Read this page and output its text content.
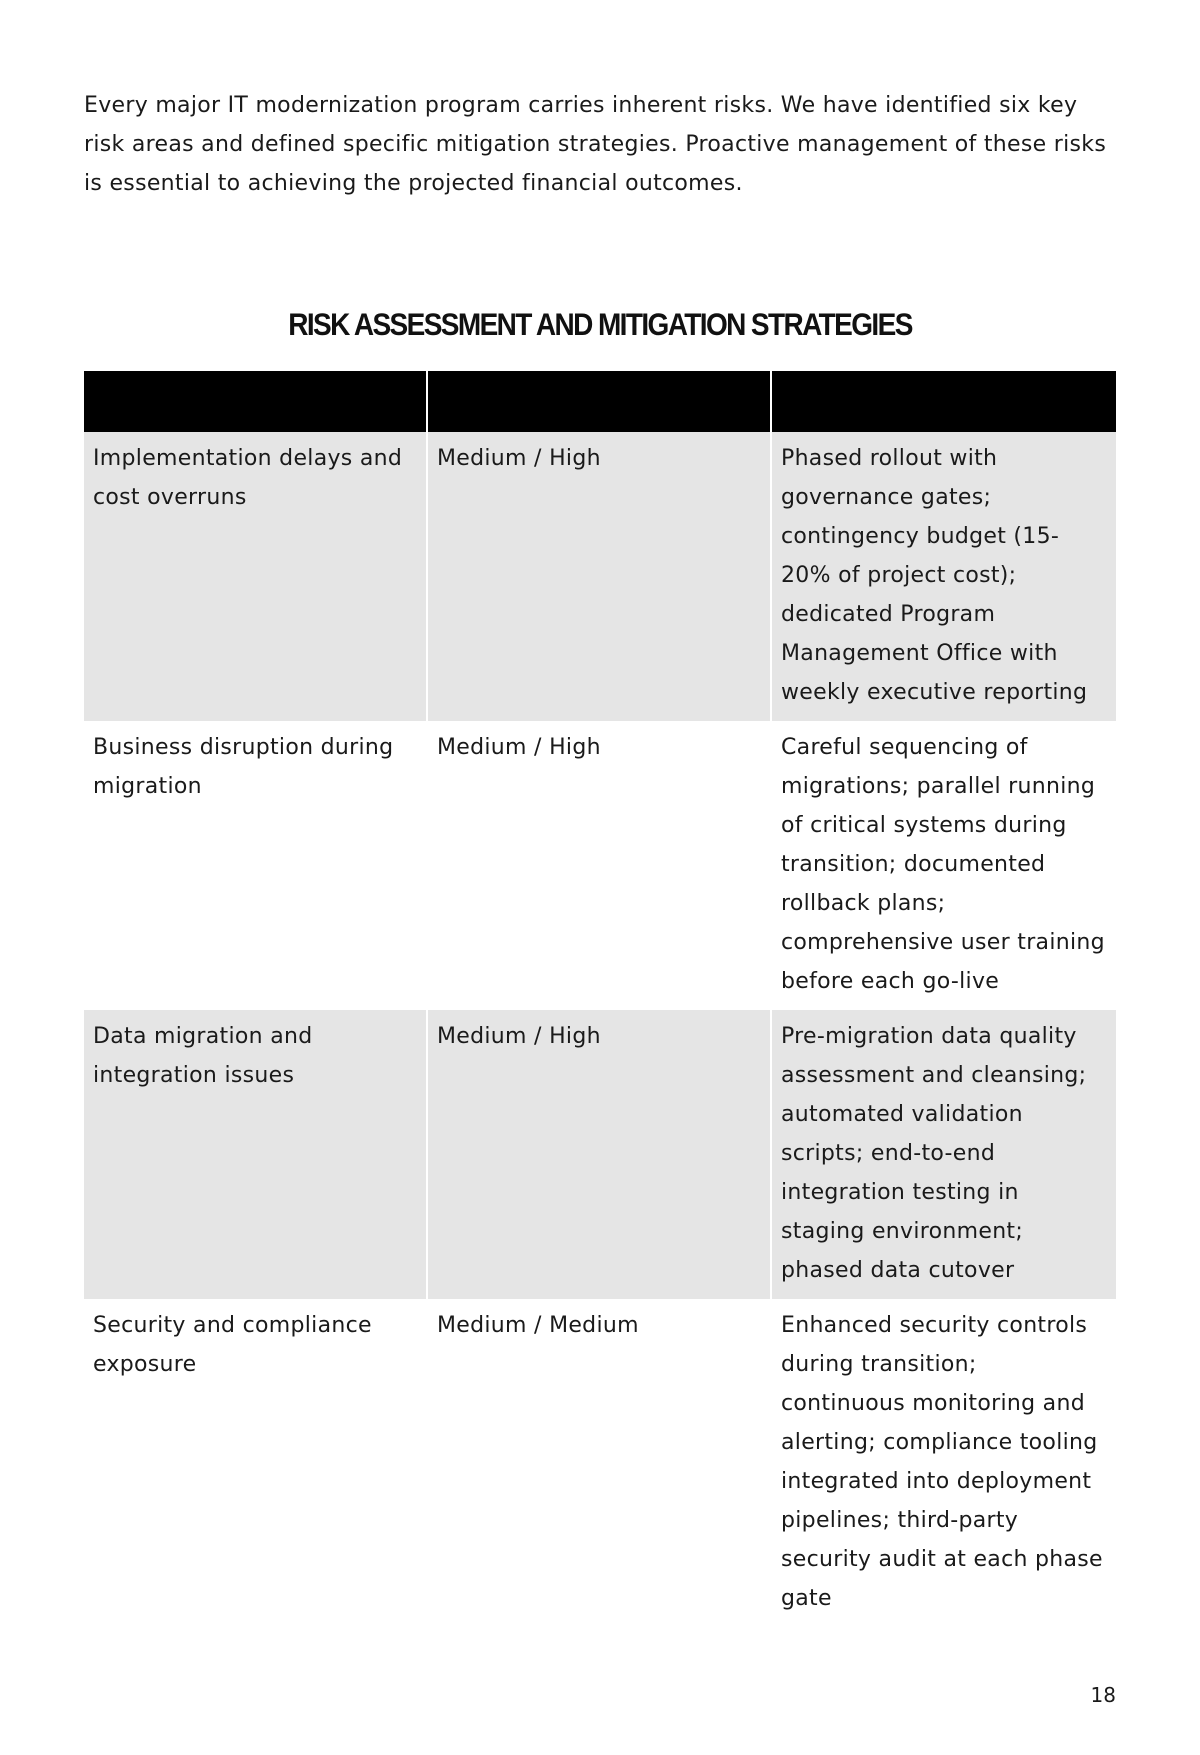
Every major IT modernization program carries inherent risks. We have identified six key risk areas and defined specific mitigation strategies. Proactive management of these risks is essential to achieving the projected financial outcomes.

RISK ASSESSMENT AND MITIGATION STRATEGIES

Implementation delays and cost overruns	Medium / High	Phased rollout with governance gates; contingency budget (15-20% of project cost); dedicated Program Management Office with weekly executive reporting
Business disruption during migration	Medium / High	Careful sequencing of migrations; parallel running of critical systems during transition; documented rollback plans; comprehensive user training before each go-live
Data migration and integration issues	Medium / High	Pre-migration data quality assessment and cleansing; automated validation scripts; end-to-end integration testing in staging environment; phased data cutover
Security and compliance exposure	Medium / Medium	Enhanced security controls during transition; continuous monitoring and alerting; compliance tooling integrated into deployment pipelines; third-party security audit at each phase gate

18
